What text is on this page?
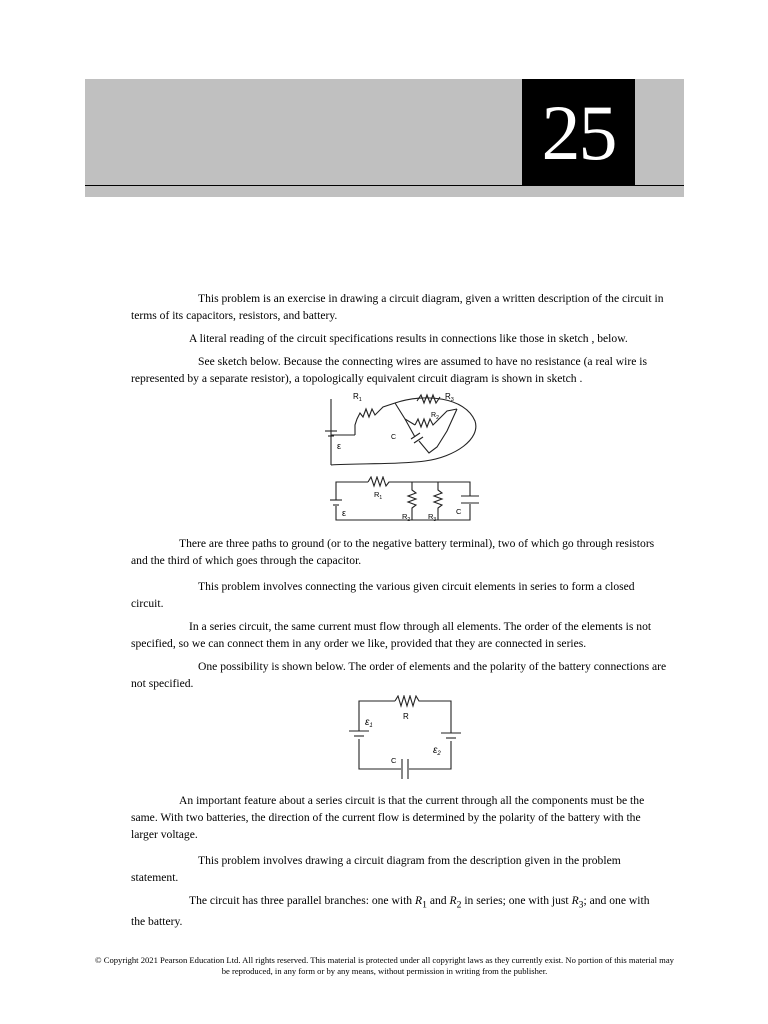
25

This problem is an exercise in drawing a circuit diagram, given a written description of the circuit in
terms of its capacitors, resistors, and battery.

A literal reading of the circuit specifications results in connections like those in sketch , below.

See sketch below. Because the connecting wires are assumed to have no resistance (a real wire is
represented by a separate resistor), a topologically equivalent circuit diagram is shown in sketch .

$R_1$	$R_3$
$R_2$
C
ε
$R_1$
$R_2$ $R_3$
C
ε

There are three paths to ground (or to the negative battery terminal), two of which go through resistors
and the third of which goes through the capacitor.

This problem involves connecting the various given circuit elements in series to form a closed
circuit.

In a series circuit, the same current must flow through all elements. The order of the elements is not
specified, so we can connect them in any order we like, provided that they are connected in series.

One possibility is shown below. The order of elements and the polarity of the battery connections are
not specified.

R
C
$\varepsilon_1$
$\varepsilon_2$

An important feature about a series circuit is that the current through all the components must be the
same. With two batteries, the direction of the current flow is determined by the polarity of the battery with the
larger voltage.

This problem involves drawing a circuit diagram from the description given in the problem
statement.

The circuit has three parallel branches: one with $R_1$ and $R_2$ in series; one with just $R_3$; and one with
the battery.

© Copyright 2021 Pearson Education Ltd. All rights reserved. This material is protected under all copyright laws as they currently exist. No portion of this material may
be reproduced, in any form or by any means, without permission in writing from the publisher.
